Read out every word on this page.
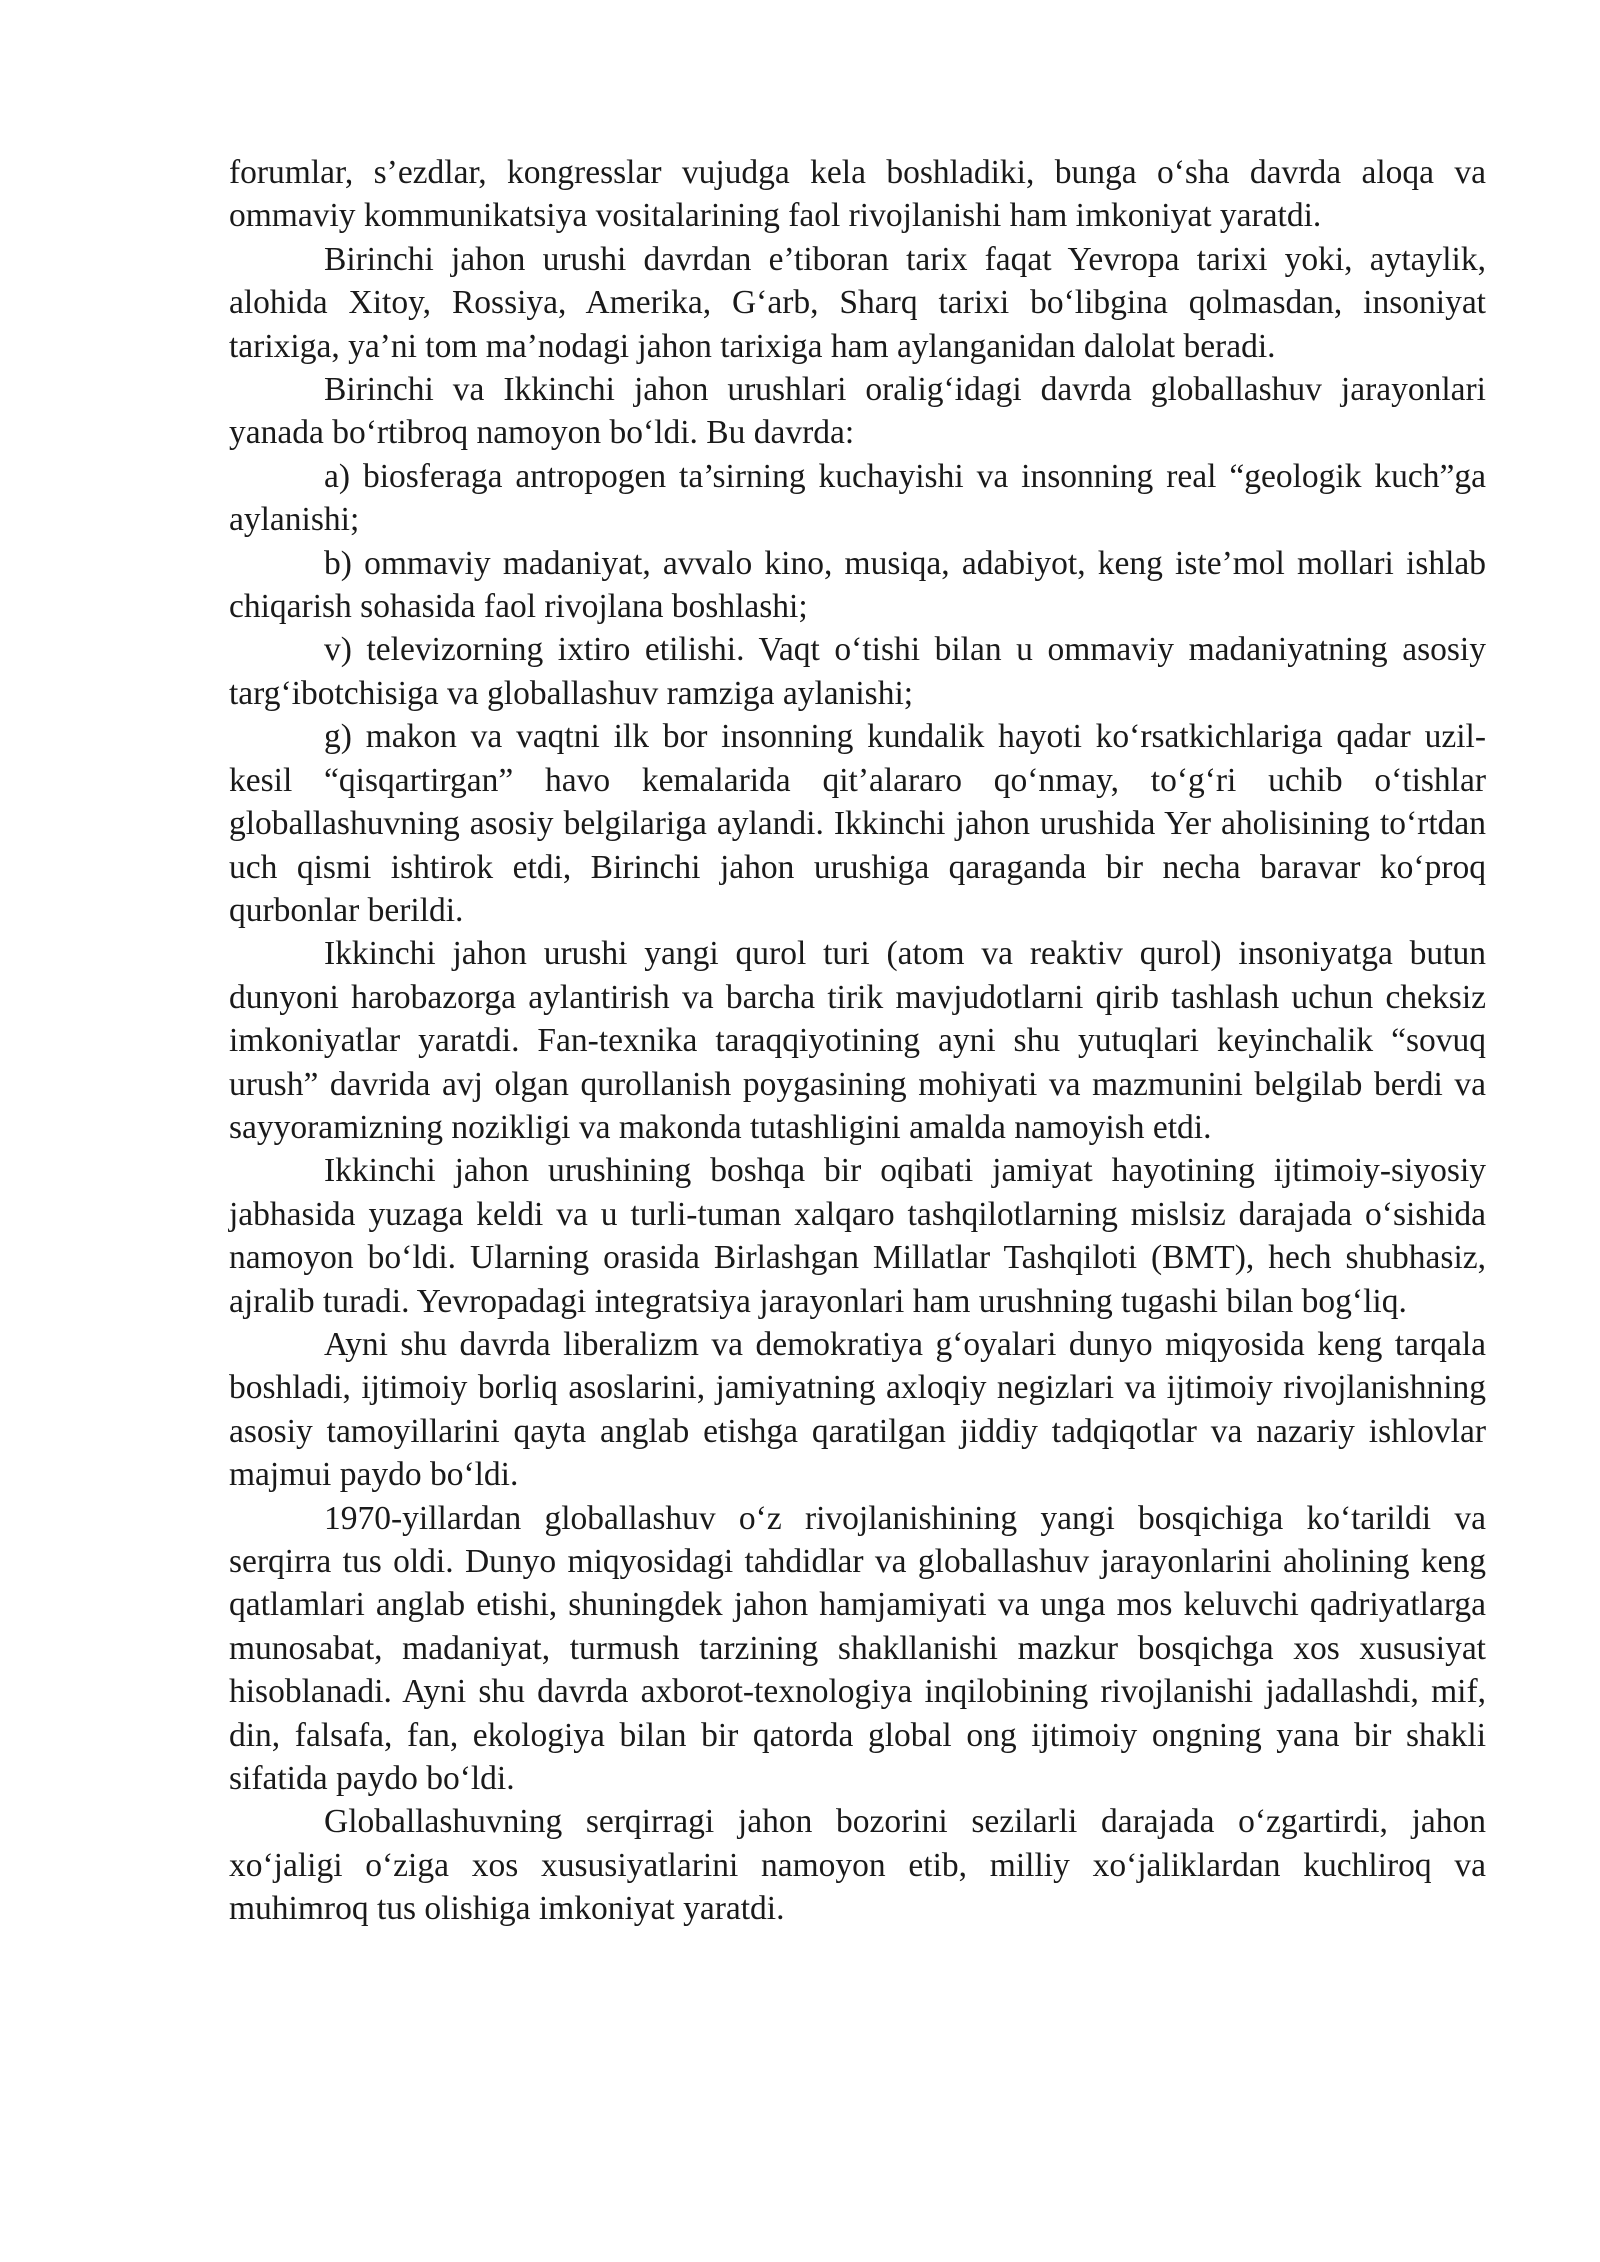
forumlar, s’ezdlar, kongresslar vujudga kela boshladiki, bunga o‘sha davrda aloqa va ommaviy kommunikatsiya vositalarining faol rivojlanishi ham imkoniyat yaratdi.

Birinchi jahon urushi davrdan e’tiboran tarix faqat Yevropa tarixi yoki, aytaylik, alohida Xitoy, Rossiya, Amerika, G‘arb, Sharq tarixi bo‘libgina qolmasdan, insoniyat tarixiga, ya’ni tom ma’nodagi jahon tarixiga ham aylanganidan dalolat beradi.

Birinchi va Ikkinchi jahon urushlari oralig‘idagi davrda globallashuv jarayonlari yanada bo‘rtibroq namoyon bo‘ldi. Bu davrda:

a) biosferaga antropogen ta’sirning kuchayishi va insonning real “geologik kuch”ga aylanishi;

b) ommaviy madaniyat, avvalo kino, musiqa, adabiyot, keng iste’mol mollari ishlab chiqarish sohasida faol rivojlana boshlashi;

v) televizorning ixtiro etilishi. Vaqt o‘tishi bilan u ommaviy madaniyatning asosiy targ‘ibotchisiga va globallashuv ramziga aylanishi;

g) makon va vaqtni ilk bor insonning kundalik hayoti ko‘rsatkichlariga qadar uzil-kesil “qisqartirgan” havo kemalarida qit’alararo qo‘nmay, to‘g‘ri uchib o‘tishlar globallashuvning asosiy belgilariga aylandi. Ikkinchi jahon urushida Yer aholisining to‘rtdan uch qismi ishtirok etdi, Birinchi jahon urushiga qaraganda bir necha baravar ko‘proq qurbonlar berildi.

Ikkinchi jahon urushi yangi qurol turi (atom va reaktiv qurol) insoniyatga butun dunyoni harobazorga aylantirish va barcha tirik mavjudotlarni qirib tashlash uchun cheksiz imkoniyatlar yaratdi. Fan-texnika taraqqiyotining ayni shu yutuqlari keyinchalik “sovuq urush” davrida avj olgan qurollanish poygasining mohiyati va mazmunini belgilab berdi va sayyoramizning nozikligi va makonda tutashligini amalda namoyish etdi.

Ikkinchi jahon urushining boshqa bir oqibati jamiyat hayotining ijtimoiy-siyosiy jabhasida yuzaga keldi va u turli-tuman xalqaro tashqilotlarning mislsiz darajada o‘sishida namoyon bo‘ldi. Ularning orasida Birlashgan Millatlar Tashqiloti (BMT), hech shubhasiz, ajralib turadi. Yevropadagi integratsiya jarayonlari ham urushning tugashi bilan bog‘liq.

Ayni shu davrda liberalizm va demokratiya g‘oyalari dunyo miqyosida keng tarqala boshladi, ijtimoiy borliq asoslarini, jamiyatning axloqiy negizlari va ijtimoiy rivojlanishning asosiy tamoyillarini qayta anglab etishga qaratilgan jiddiy tadqiqotlar va nazariy ishlovlar majmui paydo bo‘ldi.

1970-yillardan globallashuv o‘z rivojlanishining yangi bosqichiga ko‘tarildi va serqirra tus oldi. Dunyo miqyosidagi tahdidlar va globallashuv jarayonlarini aholining keng qatlamlari anglab etishi, shuningdek jahon hamjamiyati va unga mos keluvchi qadriyatlarga munosabat, madaniyat, turmush tarzining shakllanishi mazkur bosqichga xos xususiyat hisoblanadi. Ayni shu davrda axborot-texnologiya inqilobining rivojlanishi jadallashdi, mif, din, falsafa, fan, ekologiya bilan bir qatorda global ong ijtimoiy ongning yana bir shakli sifatida paydo bo‘ldi.

Globallashuvning serqirragi jahon bozorini sezilarli darajada o‘zgartirdi, jahon xo‘jaligi o‘ziga xos xususiyatlarini namoyon etib, milliy xo‘jaliklardan kuchliroq va muhimroq tus olishiga imkoniyat yaratdi.
